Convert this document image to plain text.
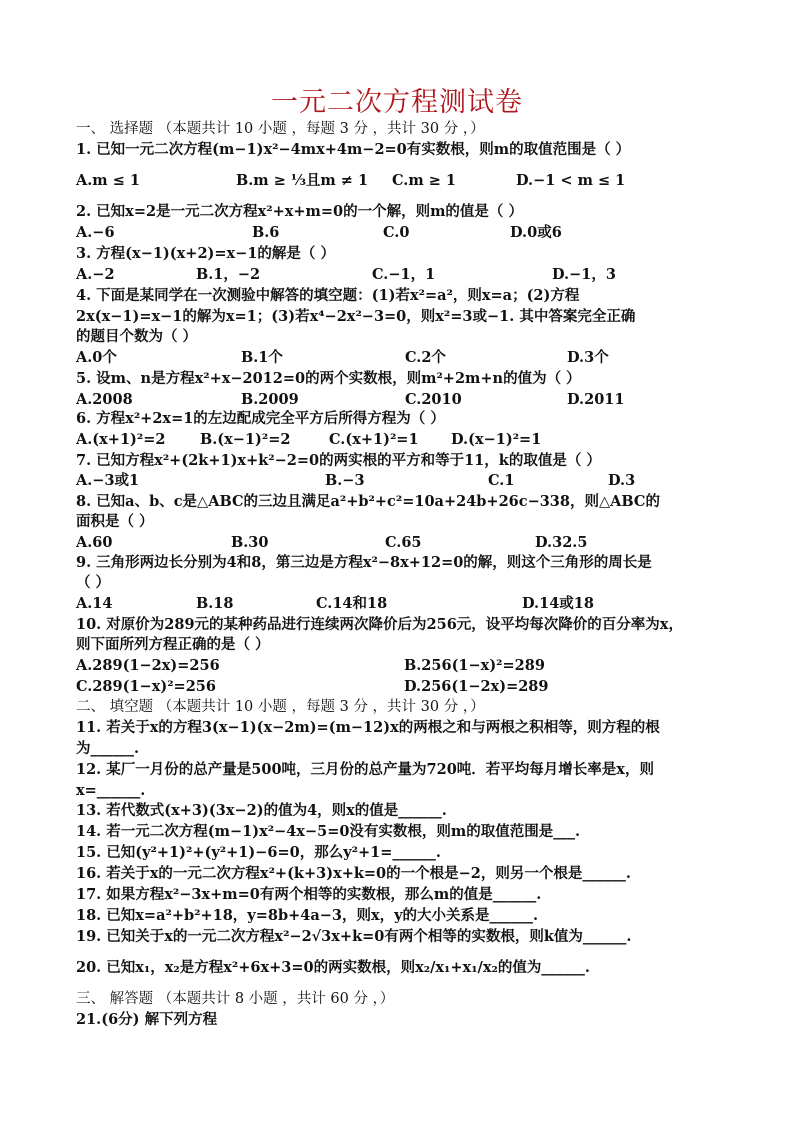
一元二次方程测试卷
一、 选择题 （本题共计 10 小题 ，每题 3 分 ，共计 30 分 ，）
1. 已知一元二次方程(m−1)x²−4mx+4m−2=0有实数根，则m的取值范围是（ ）
A.m ≤ 1	B.m ≥ ⅓且m ≠ 1 C.m ≥ 1	D.−1 < m ≤ 1
2. 已知x=2是一元二次方程x²+x+m=0的一个解，则m的值是（ ）
A.−6	B.6	C.0	D.0或6
3. 方程(x−1)(x+2)=x−1的解是（ ）
A.−2	B.1，−2	C.−1，1	D.−1，3
4. 下面是某同学在一次测验中解答的填空题：(1)若x²=a²，则x=a；(2)方程
2x(x−1)=x−1的解为x=1；(3)若x⁴−2x²−3=0，则x²=3或−1. 其中答案完全正确
的题目个数为（ ）
A.0个	B.1个	C.2个	D.3个
5. 设m、n是方程x²+x−2012=0的两个实数根，则m²+2m+n的值为（ ）
A.2008	B.2009	C.2010	D.2011
6. 方程x²+2x=1的左边配成完全平方后所得方程为（ ）
A.(x+1)²=2 B.(x−1)²=2	C.(x+1)²=1 D.(x−1)²=1
7. 已知方程x²+(2k+1)x+k²−2=0的两实根的平方和等于11，k的取值是（ ）
A.−3或1	B.−3	C.1	D.3
8. 已知a、b、c是△ABC的三边且满足a²+b²+c²=10a+24b+26c−338，则△ABC的
面积是（ ）
A.60	B.30	C.65	D.32.5
9. 三角形两边长分别为4和8，第三边是方程x²−8x+12=0的解，则这个三角形的周长是
（ ）
A.14	B.18	C.14和18	D.14或18
10. 对原价为289元的某种药品进行连续两次降价后为256元，设平均每次降价的百分率为x，
则下面所列方程正确的是（ ）
A.289(1−2x)=256	B.256(1−x)²=289
C.289(1−x)²=256	D.256(1−2x)=289
二、 填空题 （本题共计 10 小题 ，每题 3 分 ，共计 30 分 ，）
11. 若关于x的方程3(x−1)(x−2m)=(m−12)x的两根之和与两根之积相等，则方程的根
为______.
12. 某厂一月份的总产量是500吨，三月份的总产量为720吨．若平均每月增长率是x，则
x=______.
13. 若代数式(x+3)(3x−2)的值为4，则x的值是______.
14. 若一元二次方程(m−1)x²−4x−5=0没有实数根，则m的取值范围是___.
15. 已知(y²+1)²+(y²+1)−6=0，那么y²+1=______.
16. 若关于x的一元二次方程x²+(k+3)x+k=0的一个根是−2，则另一个根是______.
17. 如果方程x²−3x+m=0有两个相等的实数根，那么m的值是______.
18. 已知x=a²+b²+18，y=8b+4a−3，则x，y的大小关系是______.
19. 已知关于x的一元二次方程x²−2√3x+k=0有两个相等的实数根，则k值为______.
20. 已知x₁，x₂是方程x²+6x+3=0的两实数根，则x₂/x₁+x₁/x₂的值为______.
三、 解答题 （本题共计 8 小题 ，共计 60 分 ，）
21.(6分) 解下列方程
